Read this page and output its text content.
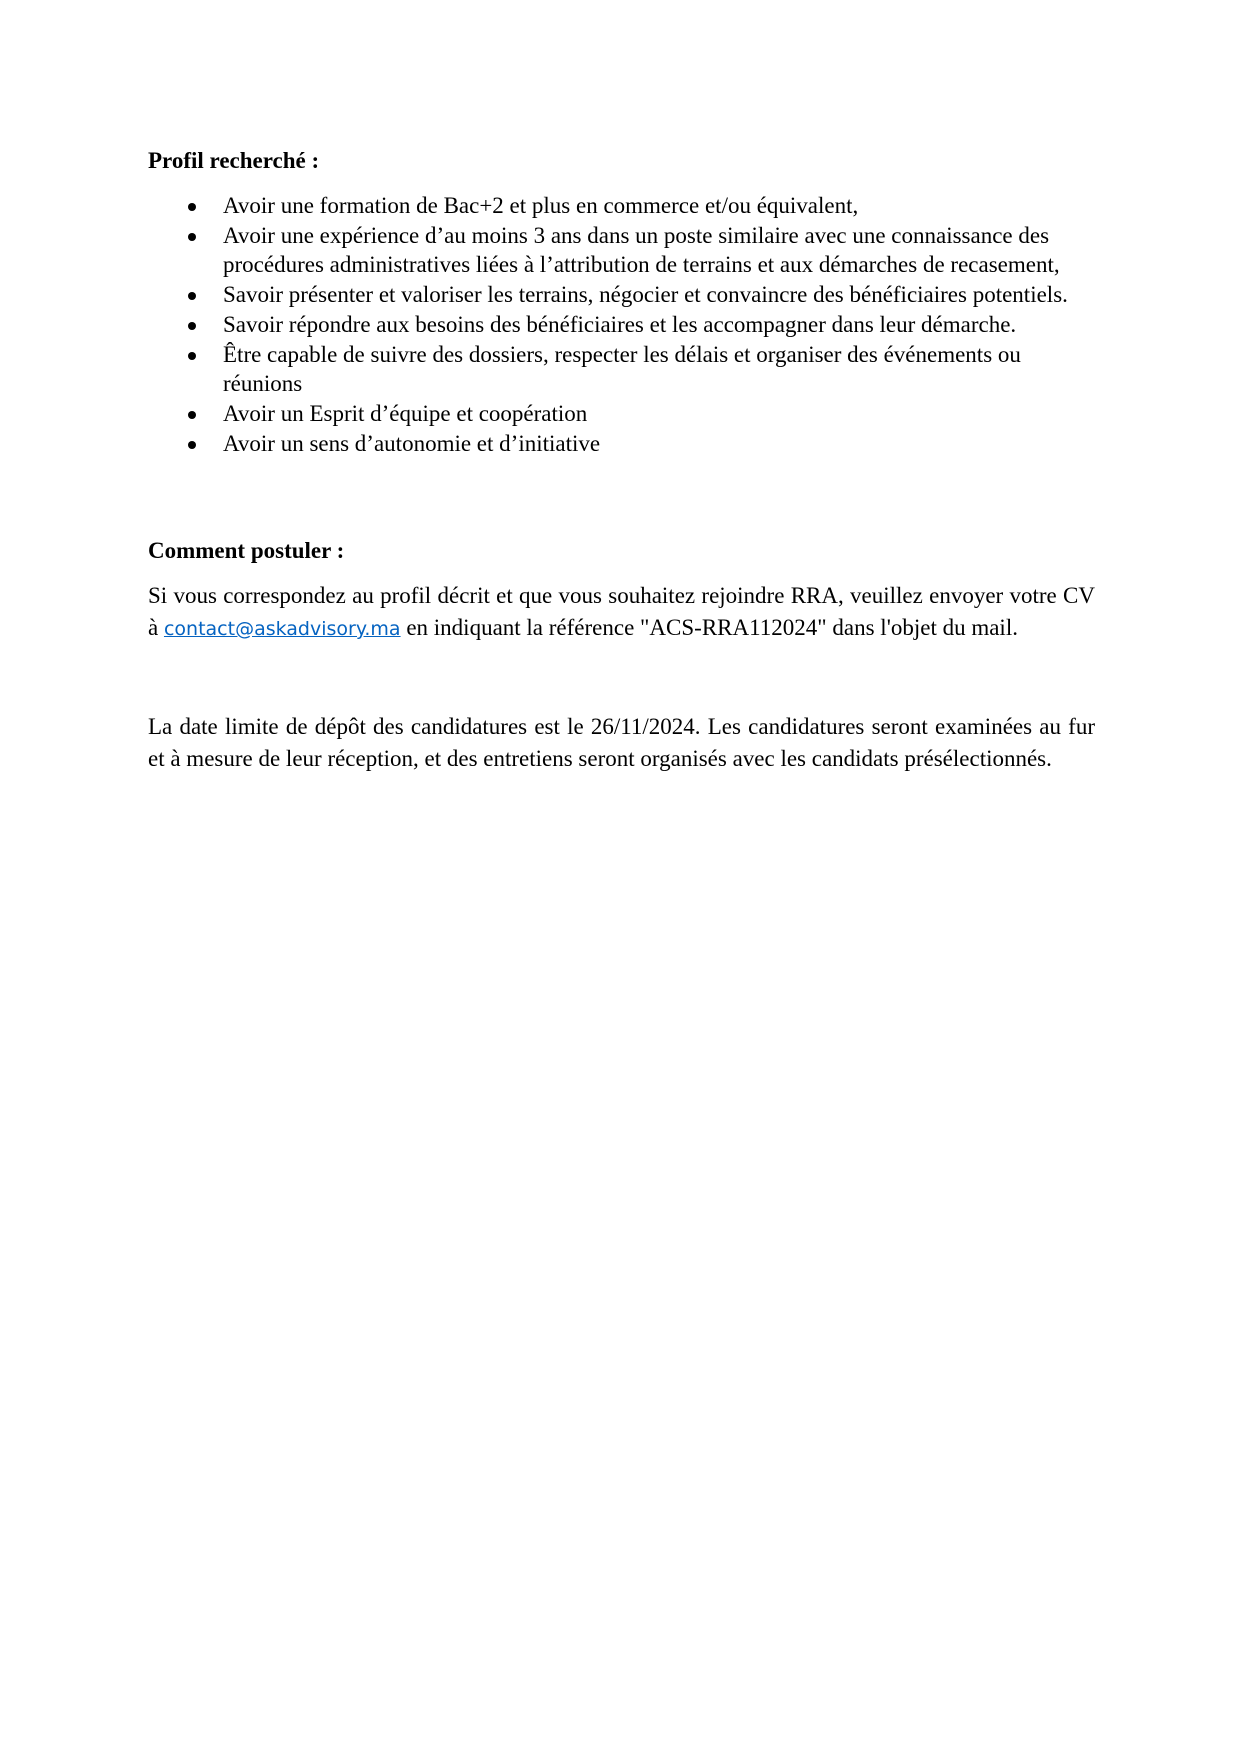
Profil recherché :

Avoir une formation de Bac+2 et plus en commerce et/ou équivalent,
Avoir une expérience d’au moins 3 ans dans un poste similaire avec une connaissance des procédures administratives liées à l’attribution de terrains et aux démarches de recasement,
Savoir présenter et valoriser les terrains, négocier et convaincre des bénéficiaires potentiels.
Savoir répondre aux besoins des bénéficiaires et les accompagner dans leur démarche.
Être capable de suivre des dossiers, respecter les délais et organiser des événements ou réunions
Avoir un Esprit d’équipe et coopération
Avoir un sens d’autonomie et d’initiative

Comment postuler :

Si vous correspondez au profil décrit et que vous souhaitez rejoindre RRA, veuillez envoyer votre CV à contact@askadvisory.ma en indiquant la référence "ACS-RRA112024" dans l'objet du mail.

La date limite de dépôt des candidatures est le 26/11/2024. Les candidatures seront examinées au fur et à mesure de leur réception, et des entretiens seront organisés avec les candidats présélectionnés.
